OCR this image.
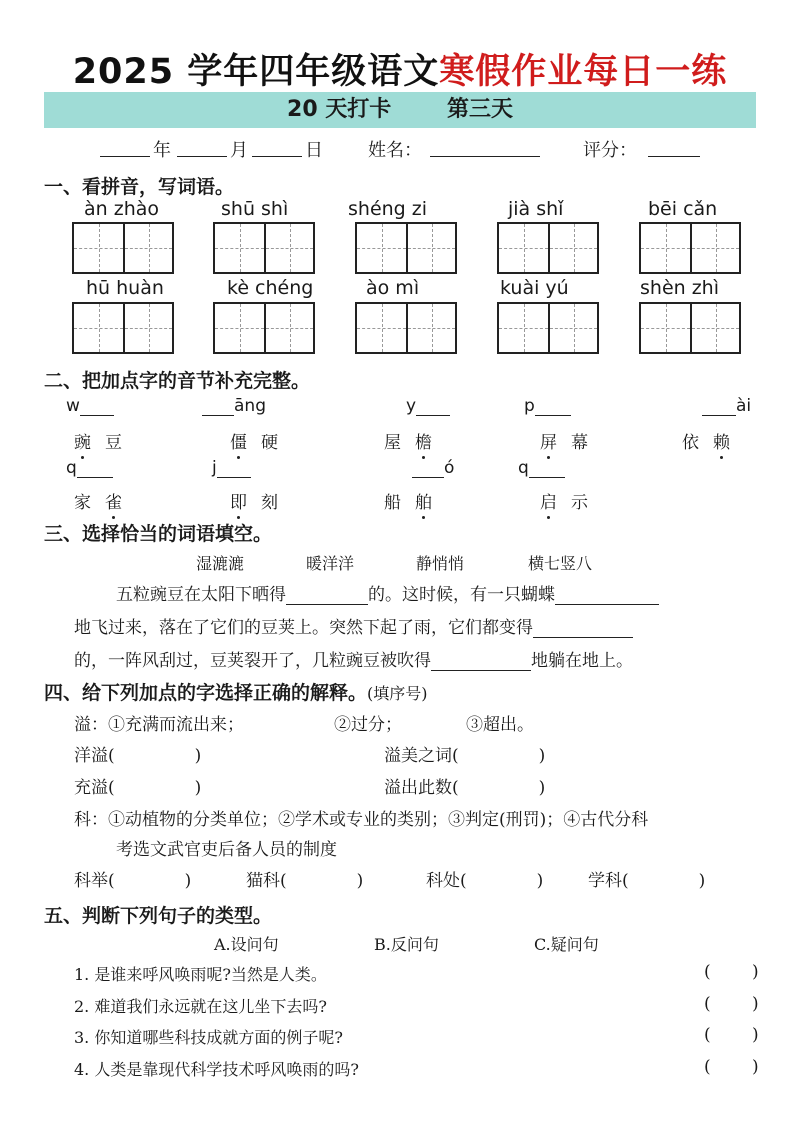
2025 学年四年级语文寒假作业每日一练
20 天打卡	第三天
年	月	日	姓名：	评分：
一、看拼音，写词语。
àn zhào	shū shì	shéng zi	jià shǐ	bēi cǎn
hū huàn	kè chéng	ào mì	kuài yú	shèn zhì
二、把加点字的音节补充完整。
w	āng	y	p	ài
豌豆	僵硬	屋檐	屏幕	依赖
q	j	ó	q
家雀	即刻	船舶	启示
三、选择恰当的词语填空。
湿漉漉	暖洋洋	静悄悄	横七竖八
五粒豌豆在太阳下晒得	的。这时候，有一只蝴蝶
地飞过来，落在了它们的豆荚上。突然下起了雨，它们都变得
的，一阵风刮过，豆荚裂开了，几粒豌豆被吹得	地躺在地上。
四、给下列加点的字选择正确的解释。(填序号)
溢：①充满而流出来；	②过分；	③超出。
洋溢(	)	溢美之词(	)
充溢(	)	溢出此数(	)
科：①动植物的分类单位；②学术或专业的类别；③判定(刑罚)；④古代分科
考选文武官吏后备人员的制度
科举(	)	猫科(	)	科处(	)	学科(	)
五、判断下列句子的类型。
A.设问句	B.反问句	C.疑问句
1. 是谁来呼风唤雨呢?当然是人类。	( )
2. 难道我们永远就在这儿坐下去吗?	( )
3. 你知道哪些科技成就方面的例子呢?	( )
4. 人类是靠现代科学技术呼风唤雨的吗?	( )
